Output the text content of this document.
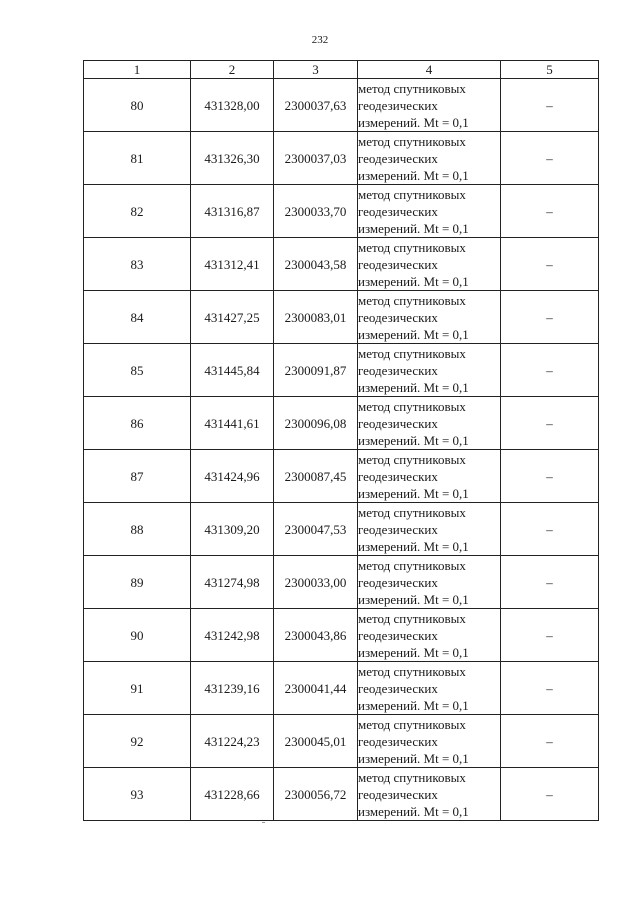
232
1	2	3	4	5
80	431328,00	2300037,63	метод спутниковых
геодезических
измерений. Mt = 0,1	–
81	431326,30	2300037,03	метод спутниковых
геодезических
измерений. Mt = 0,1	–
82	431316,87	2300033,70	метод спутниковых
геодезических
измерений. Mt = 0,1	–
83	431312,41	2300043,58	метод спутниковых
геодезических
измерений. Mt = 0,1	–
84	431427,25	2300083,01	метод спутниковых
геодезических
измерений. Mt = 0,1	–
85	431445,84	2300091,87	метод спутниковых
геодезических
измерений. Mt = 0,1	–
86	431441,61	2300096,08	метод спутниковых
геодезических
измерений. Mt = 0,1	–
87	431424,96	2300087,45	метод спутниковых
геодезических
измерений. Mt = 0,1	–
88	431309,20	2300047,53	метод спутниковых
геодезических
измерений. Mt = 0,1	–
89	431274,98	2300033,00	метод спутниковых
геодезических
измерений. Mt = 0,1	–
90	431242,98	2300043,86	метод спутниковых
геодезических
измерений. Mt = 0,1	–
91	431239,16	2300041,44	метод спутниковых
геодезических
измерений. Mt = 0,1	–
92	431224,23	2300045,01	метод спутниковых
геодезических
измерений. Mt = 0,1	–
93	431228,66	2300056,72	метод спутниковых
геодезических
измерений. Mt = 0,1	–
